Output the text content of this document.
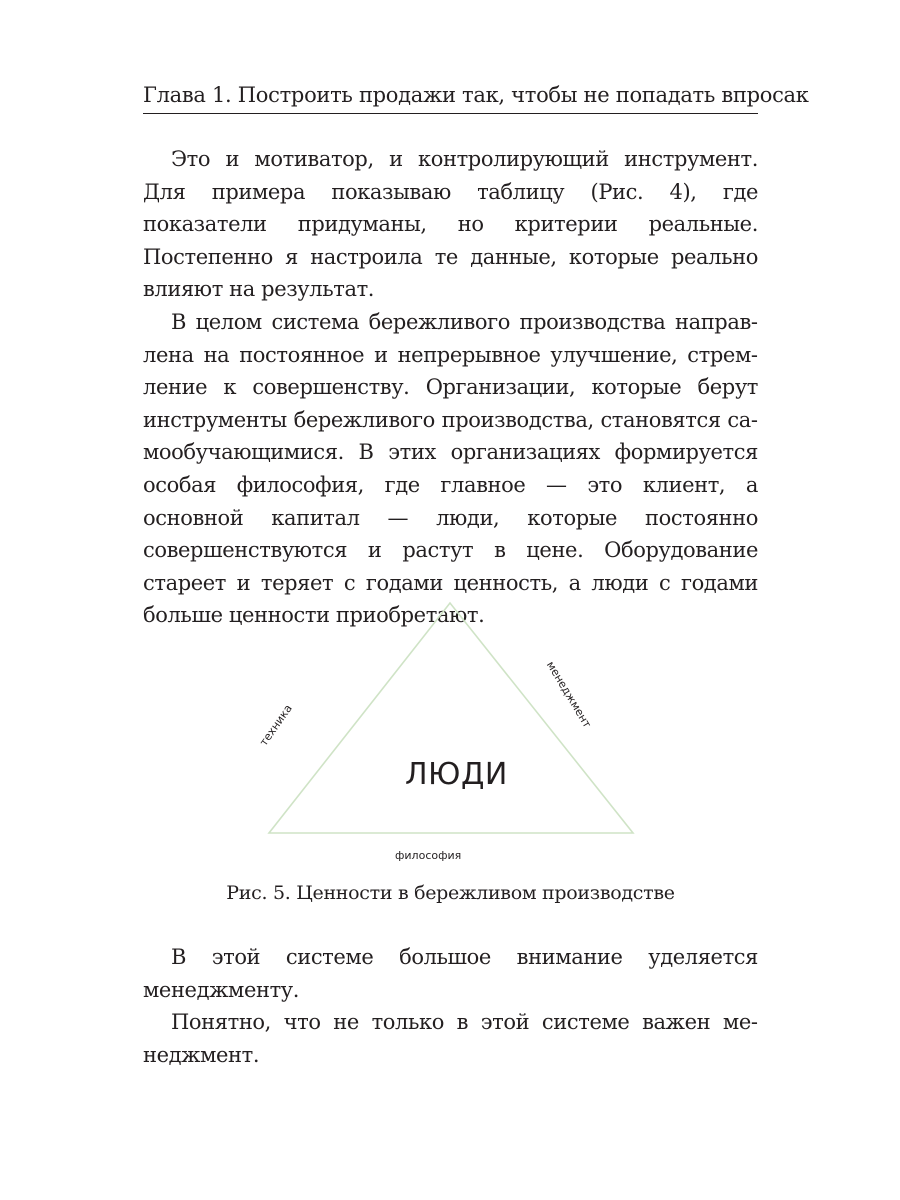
Глава 1. Построить продажи так, чтобы не попадать впросак

Это и мотиватор, и контролирующий инструмент. Для примера показываю таблицу (Рис. 4), где показатели придуманы, но критерии реальные. Постепенно я настроила те данные, которые реально влияют на результат.

В целом система бережливого производства направлена на постоянное и непрерывное улучшение, стремление к совершенству. Организации, которые берут инструменты бережливого производства, становятся самообучающимися. В этих организациях формируется особая философия, где главное — это клиент, а основной капитал — люди, которые постоянно совершенствуются и растут в цене. Оборудование стареет и теряет с годами ценность, а люди с годами больше ценности приобретают.

ЛЮДИ
техника	менеджмент
философия
Рис. 5. Ценности в бережливом производстве

В этой системе большое внимание уделяется менеджменту.

Понятно, что не только в этой системе важен менеджмент.
